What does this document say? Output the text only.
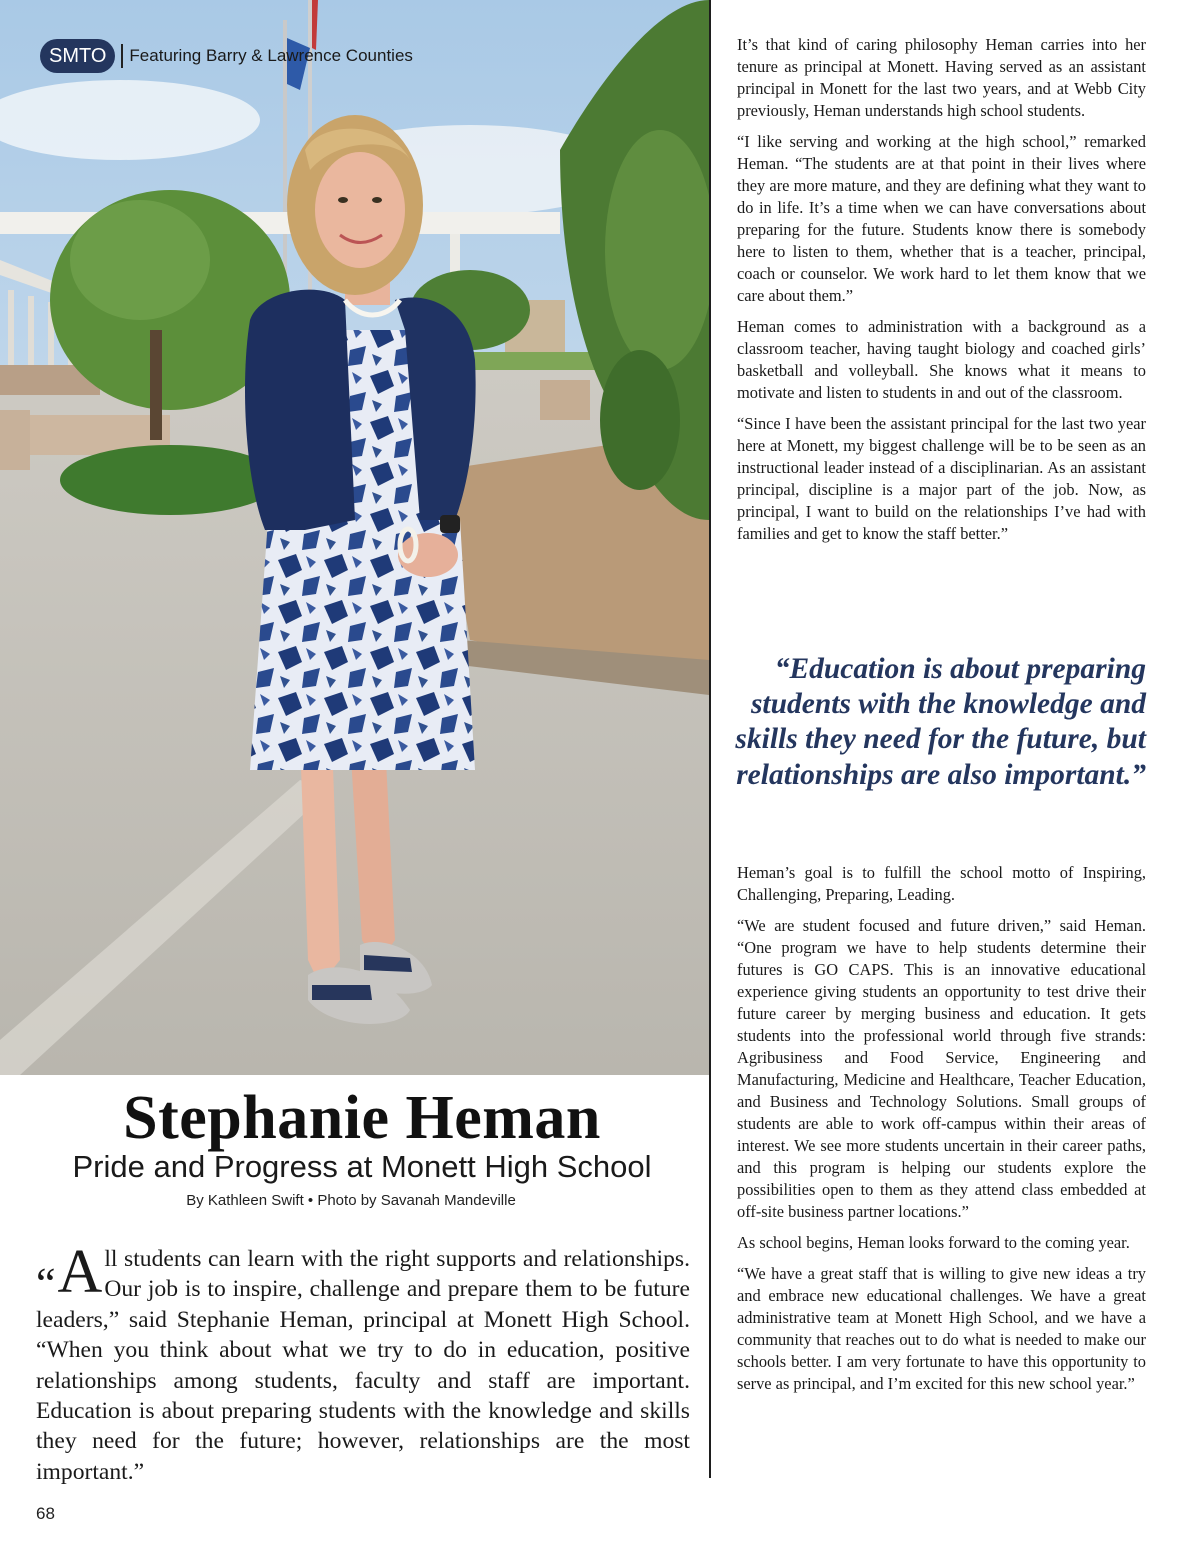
SMTO	Featuring Barry & Lawrence Counties
Stephanie Heman
Pride and Progress at Monett High School
By Kathleen Swift • Photo by Savanah Mandeville
“A ll students can learn with the right supports and relationships. Our job is to inspire, challenge and prepare them to be future leaders,” said Stephanie Heman, principal at Monett High School. “When you think about what we try to do in education, positive relationships among students, faculty and staff are important. Education is about preparing students with the knowledge and skills they need for the future; however, relationships are the most important.”

It’s that kind of caring philosophy Heman carries into her tenure as principal at Monett. Having served as an assistant principal in Monett for the last two years, and at Webb City previously, Heman understands high school students.

“I like serving and working at the high school,” remarked Heman. “The students are at that point in their lives where they are more mature, and they are defining what they want to do in life. It’s a time when we can have conversations about preparing for the future. Students know there is somebody here to listen to them, whether that is a teacher, principal, coach or counselor. We work hard to let them know that we care about them.”

Heman comes to administration with a background as a classroom teacher, having taught biology and coached girls’ basketball and volleyball. She knows what it means to motivate and listen to students in and out of the classroom.

“Since I have been the assistant principal for the last two year here at Monett, my biggest challenge will be to be seen as an instructional leader instead of a disciplinarian. As an assistant principal, discipline is a major part of the job. Now, as principal, I want to build on the relationships I’ve had with families and get to know the staff better.”

“Education is about preparing students with the knowledge and skills they need for the future, but relationships are also important.”

Heman’s goal is to fulfill the school motto of Inspiring, Challenging, Preparing, Leading.

“We are student focused and future driven,” said Heman. “One program we have to help students determine their futures is GO CAPS. This is an innovative educational experience giving students an opportunity to test drive their future career by merging business and education. It gets students into the professional world through five strands: Agribusiness and Food Service, Engineering and Manufacturing, Medicine and Healthcare, Teacher Education, and Business and Technology Solutions. Small groups of students are able to work off-campus within their areas of interest. We see more students uncertain in their career paths, and this program is helping our students explore the possibilities open to them as they attend class embedded at off-site business partner locations.”

As school begins, Heman looks forward to the coming year.

“We have a great staff that is willing to give new ideas a try and embrace new educational challenges. We have a great administrative team at Monett High School, and we have a community that reaches out to do what is needed to make our schools better. I am very fortunate to have this opportunity to serve as principal, and I’m excited for this new school year.”

68
